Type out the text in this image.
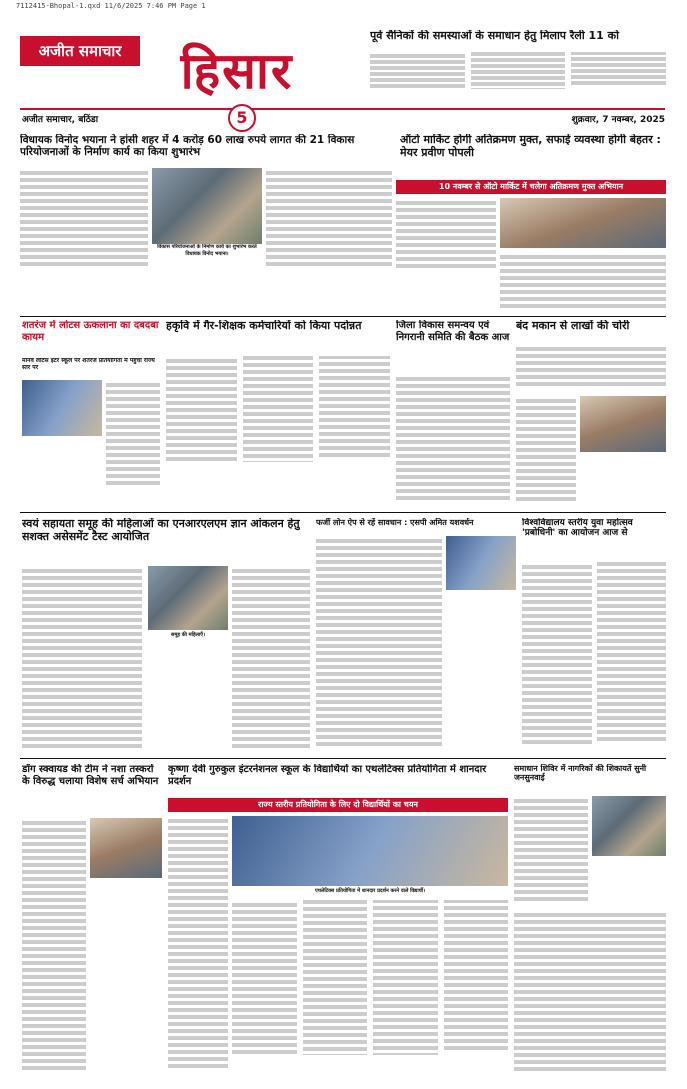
7112415-Bhopal-1.qxd 11/6/2025 7:46 PM Page 1
अजीत समाचार	हिसार
पूर्व सैनिकों की समस्याओं के समाधान हेतु मिलाप रैली 11 को
अजीत समाचार, बठिंडा	5	शुक्रवार, 7 नवम्बर, 2025
विधायक विनोद भयाना ने हांसी शहर में 4 करोड़ 60 लाख रुपये लागत की 21 विकास परियोजनाओं के निर्माण कार्य का किया शुभारंभ
विकास परियोजनाओं के निर्माण कार्य का शुभारंभ करते विधायक विनोद भयाना।
ऑटो मार्किट होगी अतिक्रमण मुक्त, सफाई व्यवस्था होगी बेहतर : मेयर प्रवीण पोपली
10 नवम्बर से ऑटो मार्किट में चलेगा अतिक्रमण मुक्त अभियान
शतरंज में लोटस ऊकलाना का दबदबा कायम
मानव लोटस इंटर स्कूल पर शतरंज प्रतियोगिता में पहुंचा राज्य स्तर पर
हकृवि में गैर-शिक्षक कर्मचारियों को किया पदोन्नत	जिला विकास समन्वय एवं निगरानी समिति की बैठक आज
बंद मकान से लाखों की चोरी
स्वयं सहायता समूह की महिलाओं का एनआरएलएम ज्ञान आंकलन हेतु सशक्त असेसमेंट टैस्ट आयोजित
समूह की महिलाएँ।
फर्जी लोन ऐप से रहें सावधान : एसपी अमित यशवर्धन	विश्वविद्यालय स्तरीय युवा महोत्सव 'प्रबोधिनी' का आयोजन आज से
डॉग स्क्वायड की टीम ने नशा तस्करों के विरुद्ध चलाया विशेष सर्च अभियान
कृष्णा देवी गुरुकुल इंटरनेशनल स्कूल के विद्यार्थियों का एथलेटिक्स प्रतियोगिता में शानदार प्रदर्शन
राज्य स्तरीय प्रतियोगिता के लिए दो विद्यार्थियों का चयन
एथलेटिक्स प्रतियोगिता में शानदार प्रदर्शन करने वाले विद्यार्थी।
समाधान शिविर में नागरिकों की शिकायतें सुनी जनसुनवाई
